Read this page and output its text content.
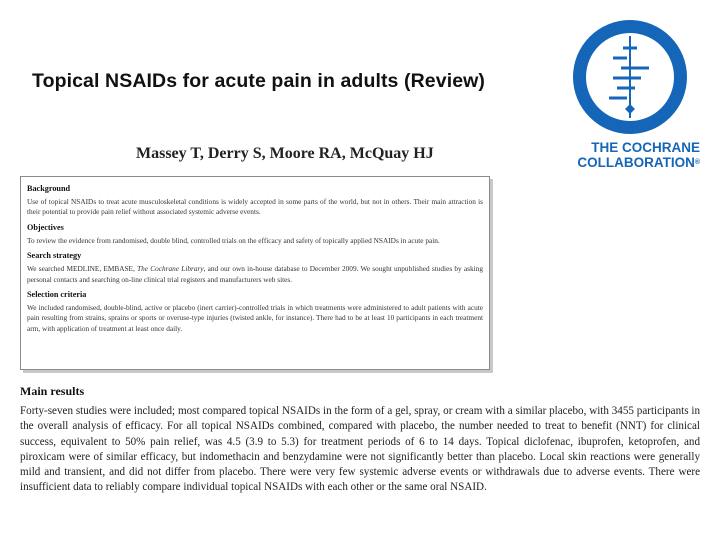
Topical NSAIDs for acute pain in adults (Review)
Massey T, Derry S, Moore RA, McQuay HJ	THE COCHRANE
COLLABORATION®
Background
Use of topical NSAIDs to treat acute musculoskeletal conditions is widely accepted in some parts of the world, but not in others. Their main attraction is their potential to provide pain relief without associated systemic adverse events.
Objectives
To review the evidence from randomised, double blind, controlled trials on the efficacy and safety of topically applied NSAIDs in acute pain.
Search strategy
We searched MEDLINE, EMBASE, The Cochrane Library, and our own in-house database to December 2009. We sought unpublished studies by asking personal contacts and searching on-line clinical trial registers and manufacturers web sites.
Selection criteria
We included randomised, double-blind, active or placebo (inert carrier)-controlled trials in which treatments were administered to adult patients with acute pain resulting from strains, sprains or sports or overuse-type injuries (twisted ankle, for instance). There had to be at least 10 participants in each treatment arm, with application of treatment at least once daily.
Main results
Forty-seven studies were included; most compared topical NSAIDs in the form of a gel, spray, or cream with a similar placebo, with 3455 participants in the overall analysis of efficacy. For all topical NSAIDs combined, compared with placebo, the number needed to treat to benefit (NNT) for clinical success, equivalent to 50% pain relief, was 4.5 (3.9 to 5.3) for treatment periods of 6 to 14 days. Topical diclofenac, ibuprofen, ketoprofen, and piroxicam were of similar efficacy, but indomethacin and benzydamine were not significantly better than placebo. Local skin reactions were generally mild and transient, and did not differ from placebo. There were very few systemic adverse events or withdrawals due to adverse events. There were insufficient data to reliably compare individual topical NSAIDs with each other or the same oral NSAID.
